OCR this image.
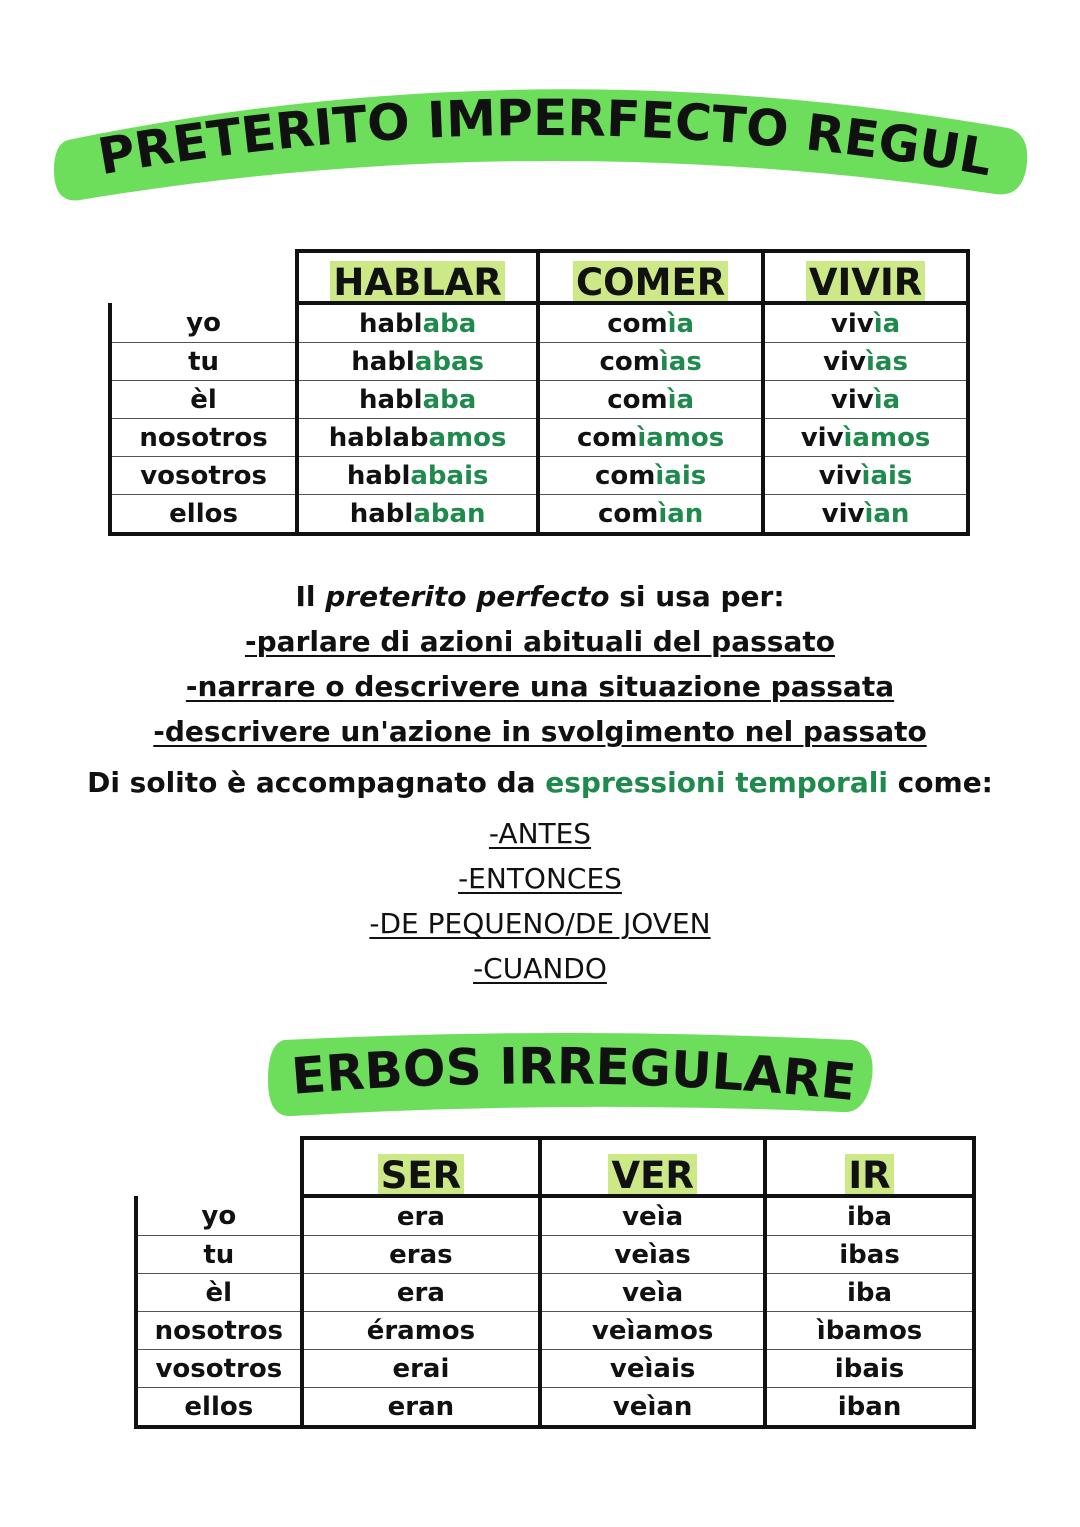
EL PRETERITO IMPERFECTO REGULAR
	HABLAR	COMER	VIVIR
yo	hablaba	comìa	vivìa
tu	hablabas	comìas	vivìas
èl	hablaba	comìa	vivìa
nosotros	hablabamos	comìamos	vivìamos
vosotros	hablabais	comìais	vivìais
ellos	hablaban	comìan	vivìan
Il preterito perfecto si usa per:
-parlare di azioni abituali del passato
-narrare o descrivere una situazione passata
-descrivere un'azione in svolgimento nel passato
Di solito è accompagnato da espressioni temporali come:
-ANTES
-ENTONCES
-DE PEQUENO/DE JOVEN
-CUANDO
VERBOS IRREGULARES
	SER	VER	IR
yo	era	veìa	iba
tu	eras	veìas	ibas
èl	era	veìa	iba
nosotros	éramos	veìamos	ìbamos
vosotros	erai	veìais	ibais
ellos	eran	veìan	iban
